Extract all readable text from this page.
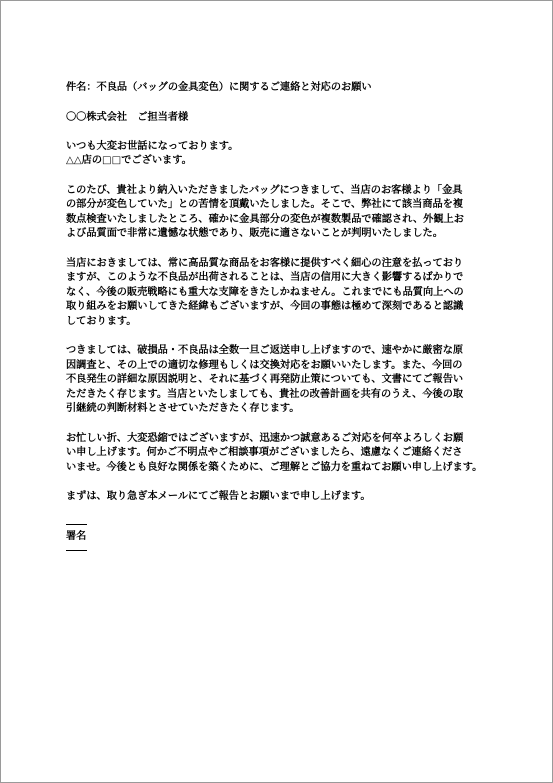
件名：不良品（バッグの金具変色）に関するご連絡と対応のお願い
〇〇株式会社　ご担当者様
いつも大変お世話になっております。
△△店の□□でございます。
このたび、貴社より納入いただきましたバッグにつきまして、当店のお客様より「金具
の部分が変色していた」との苦情を頂戴いたしました。そこで、弊社にて該当商品を複
数点検査いたしましたところ、確かに金具部分の変色が複数製品で確認され、外観上お
よび品質面で非常に遺憾な状態であり、販売に適さないことが判明いたしました。
当店におきましては、常に高品質な商品をお客様に提供すべく細心の注意を払っており
ますが、このような不良品が出荷されることは、当店の信用に大きく影響するばかりで
なく、今後の販売戦略にも重大な支障をきたしかねません。これまでにも品質向上への
取り組みをお願いしてきた経緯もございますが、今回の事態は極めて深刻であると認識
しております。
つきましては、破損品・不良品は全数一旦ご返送申し上げますので、速やかに厳密な原
因調査と、その上での適切な修理もしくは交換対応をお願いいたします。また、今回の
不良発生の詳細な原因説明と、それに基づく再発防止策についても、文書にてご報告い
ただきたく存じます。当店といたしましても、貴社の改善計画を共有のうえ、今後の取
引継続の判断材料とさせていただきたく存じます。
お忙しい折、大変恐縮ではございますが、迅速かつ誠意あるご対応を何卒よろしくお願
い申し上げます。何かご不明点やご相談事項がございましたら、遠慮なくご連絡くださ
いませ。今後とも良好な関係を築くために、ご理解とご協力を重ねてお願い申し上げます。
まずは、取り急ぎ本メールにてご報告とお願いまで申し上げます。
署名
